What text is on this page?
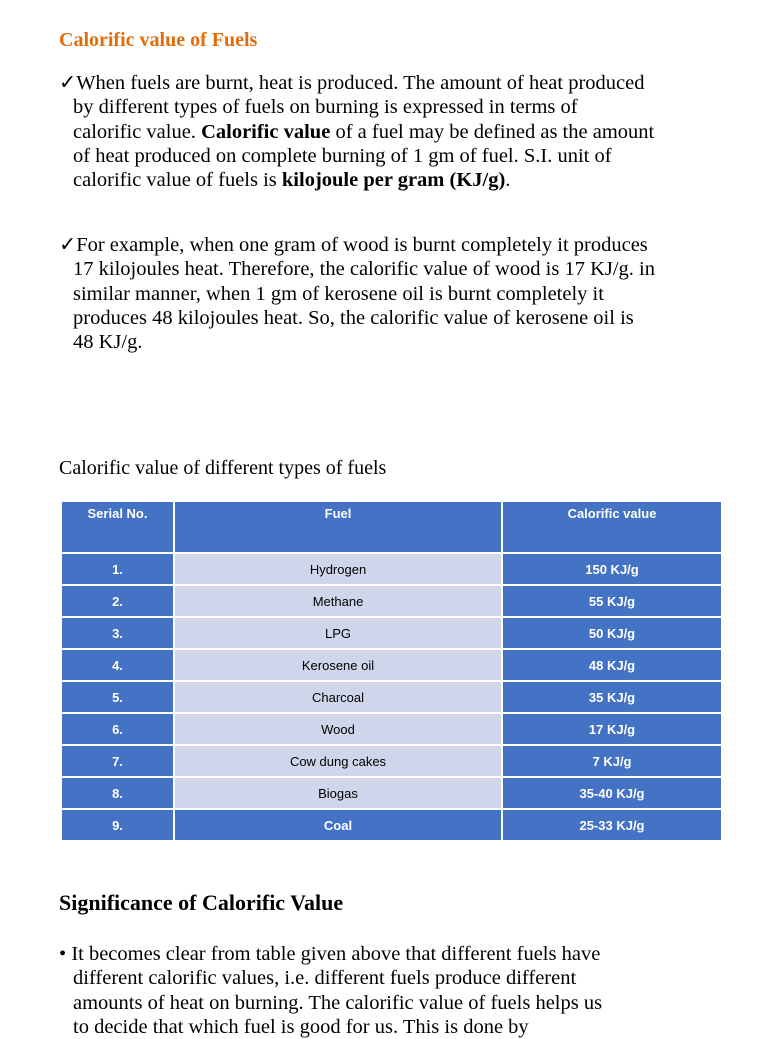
Calorific value of Fuels
✓When fuels are burnt, heat is produced. The amount of heat produced
by different types of fuels on burning is expressed in terms of
calorific value. Calorific value of a fuel may be defined as the amount
of heat produced on complete burning of 1 gm of fuel. S.I. unit of
calorific value of fuels is kilojoule per gram (KJ/g).
✓For example, when one gram of wood is burnt completely it produces
17 kilojoules heat. Therefore, the calorific value of wood is 17 KJ/g. in
similar manner, when 1 gm of kerosene oil is burnt completely it
produces 48 kilojoules heat. So, the calorific value of kerosene oil is
48 KJ/g.

Calorific value of different types of fuels

Serial No.	Fuel	Calorific value
1.	Hydrogen	150 KJ/g
2.	Methane	55 KJ/g
3.	LPG	50 KJ/g
4.	Kerosene oil	48 KJ/g
5.	Charcoal	35 KJ/g
6.	Wood	17 KJ/g
7.	Cow dung cakes	7 KJ/g
8.	Biogas	35-40 KJ/g
9.	Coal	25-33 KJ/g
Significance of Calorific Value
• It becomes clear from table given above that different fuels have
different calorific values, i.e. different fuels produce different
amounts of heat on burning. The calorific value of fuels helps us
to decide that which fuel is good for us. This is done by
